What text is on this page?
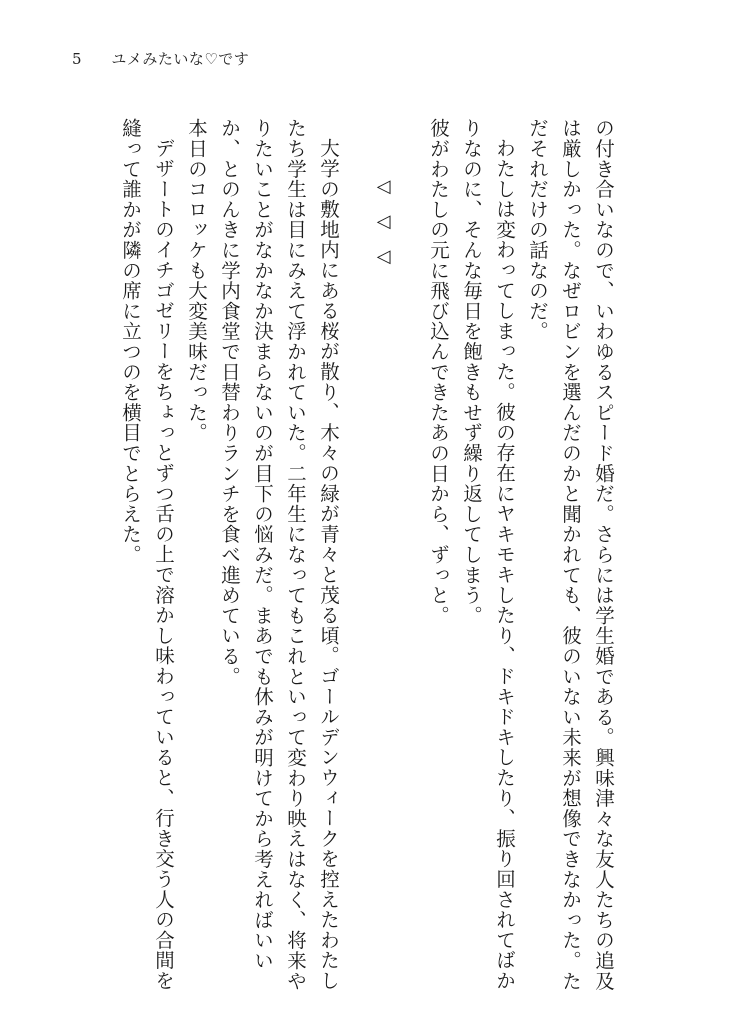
5 ユメみたいな♡です

の付き合いなので、いわゆるスピード婚だ。さらには学生婚である。興味津々な友人たちの追及は厳しかった。なぜロビンを選んだのかと聞かれても、彼のいない未来が想像できなかった。ただそれだけの話なのだ。

わたしは変わってしまった。彼の存在にヤキモキしたり、ドキドキしたり、振り回されてばかりなのに、そんな毎日を飽きもせず繰り返してしまう。

彼がわたしの元に飛び込んできたあの日から、ずっと。

◁◁◁

大学の敷地内にある桜が散り、木々の緑が青々と茂る頃。ゴールデンウィークを控えたわたしたち学生は目にみえて浮かれていた。二年生になってもこれといって変わり映えはなく、将来やりたいことがなかなか決まらないのが目下の悩みだ。まあでも休みが明けてから考えればいいか、とのんきに学内食堂で日替わりランチを食べ進めている。

本日のコロッケも大変美味だった。

デザートのイチゴゼリーをちょっとずつ舌の上で溶かし味わっていると、行き交う人の合間を縫って誰かが隣の席に立つのを横目でとらえた。
